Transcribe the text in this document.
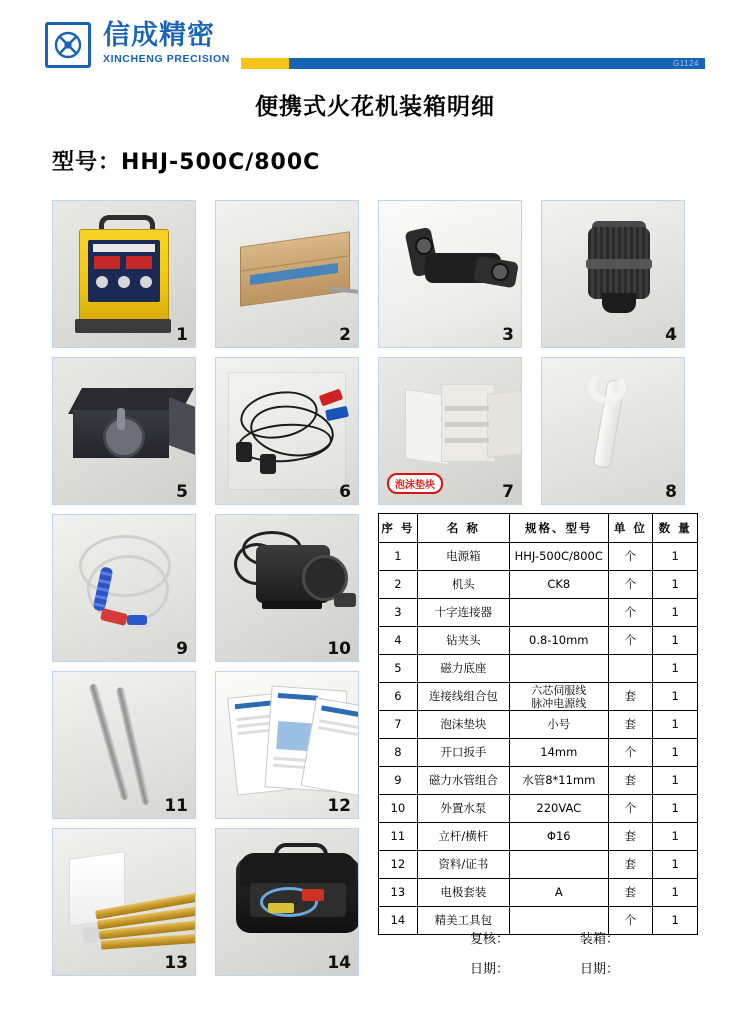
信成精密
XINCHENG PRECISION	G1124
便携式火花机装箱明细
型号：HHJ-500C/800C
1	2	3	4
5	6	泡沫垫块	7	8
9	10
11	12
13	14
序 号	名 称	规格、型号	单 位	数 量
1	电源箱	HHJ-500C/800C	个	1
2	机头	CK8	个	1
3	十字连接器		个	1
4	钻夹头	0.8-10mm	个	1
5	磁力底座			1
6	连接线组合包	六芯伺服线
脉冲电源线	套	1
7	泡沫垫块	小号	套	1
8	开口扳手	14mm	个	1
9	磁力水管组合	水管8*11mm	套	1
10	外置水泵	220VAC	个	1
11	立杆/横杆	Φ16	套	1
12	资料/证书		套	1
13	电极套装	A	套	1
14	精美工具包		个	1
复核：	装箱：
日期：	日期：
